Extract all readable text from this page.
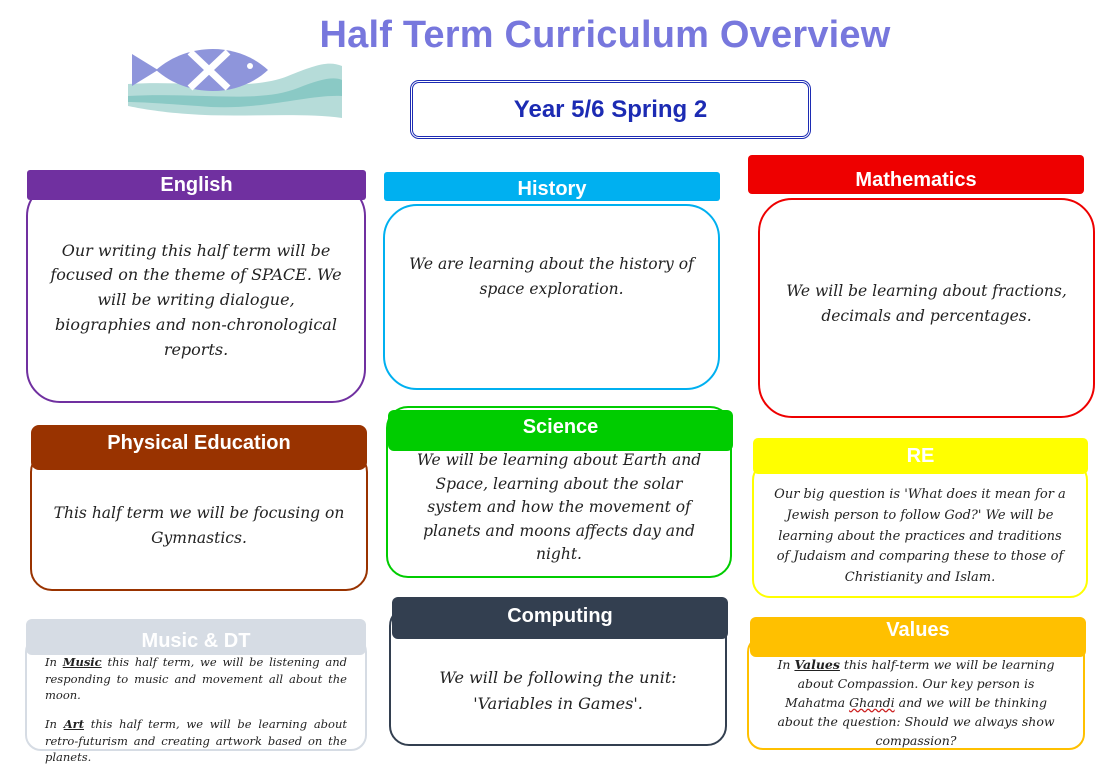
Half Term Curriculum Overview
Year 5/6 Spring 2
Our writing this half term will be focused on the theme of SPACE. We will be writing dialogue, biographies and non-chronological reports.
English
We are learning about the history of space exploration.
History
We will be learning about fractions, decimals and percentages.
Mathematics
This half term we will be focusing on Gymnastics.
Physical Education
We will be learning about Earth and Space, learning about the solar system and how the movement of planets and moons affects day and night.
Science
Our big question is 'What does it mean for a Jewish person to follow God?' We will be learning about the practices and traditions of Judaism and comparing these to those of Christianity and Islam.
RE

In Music this half term, we will be listening and responding to music and movement all about the moon.

In Art this half term, we will be learning about retro-futurism and creating artwork based on the planets.

Music & DT
We will be following the unit: 'Variables in Games'.
Computing
In Values this half-term we will be learning about Compassion. Our key person is Mahatma Ghandi and we will be thinking about the question: Should we always show compassion?
Values
